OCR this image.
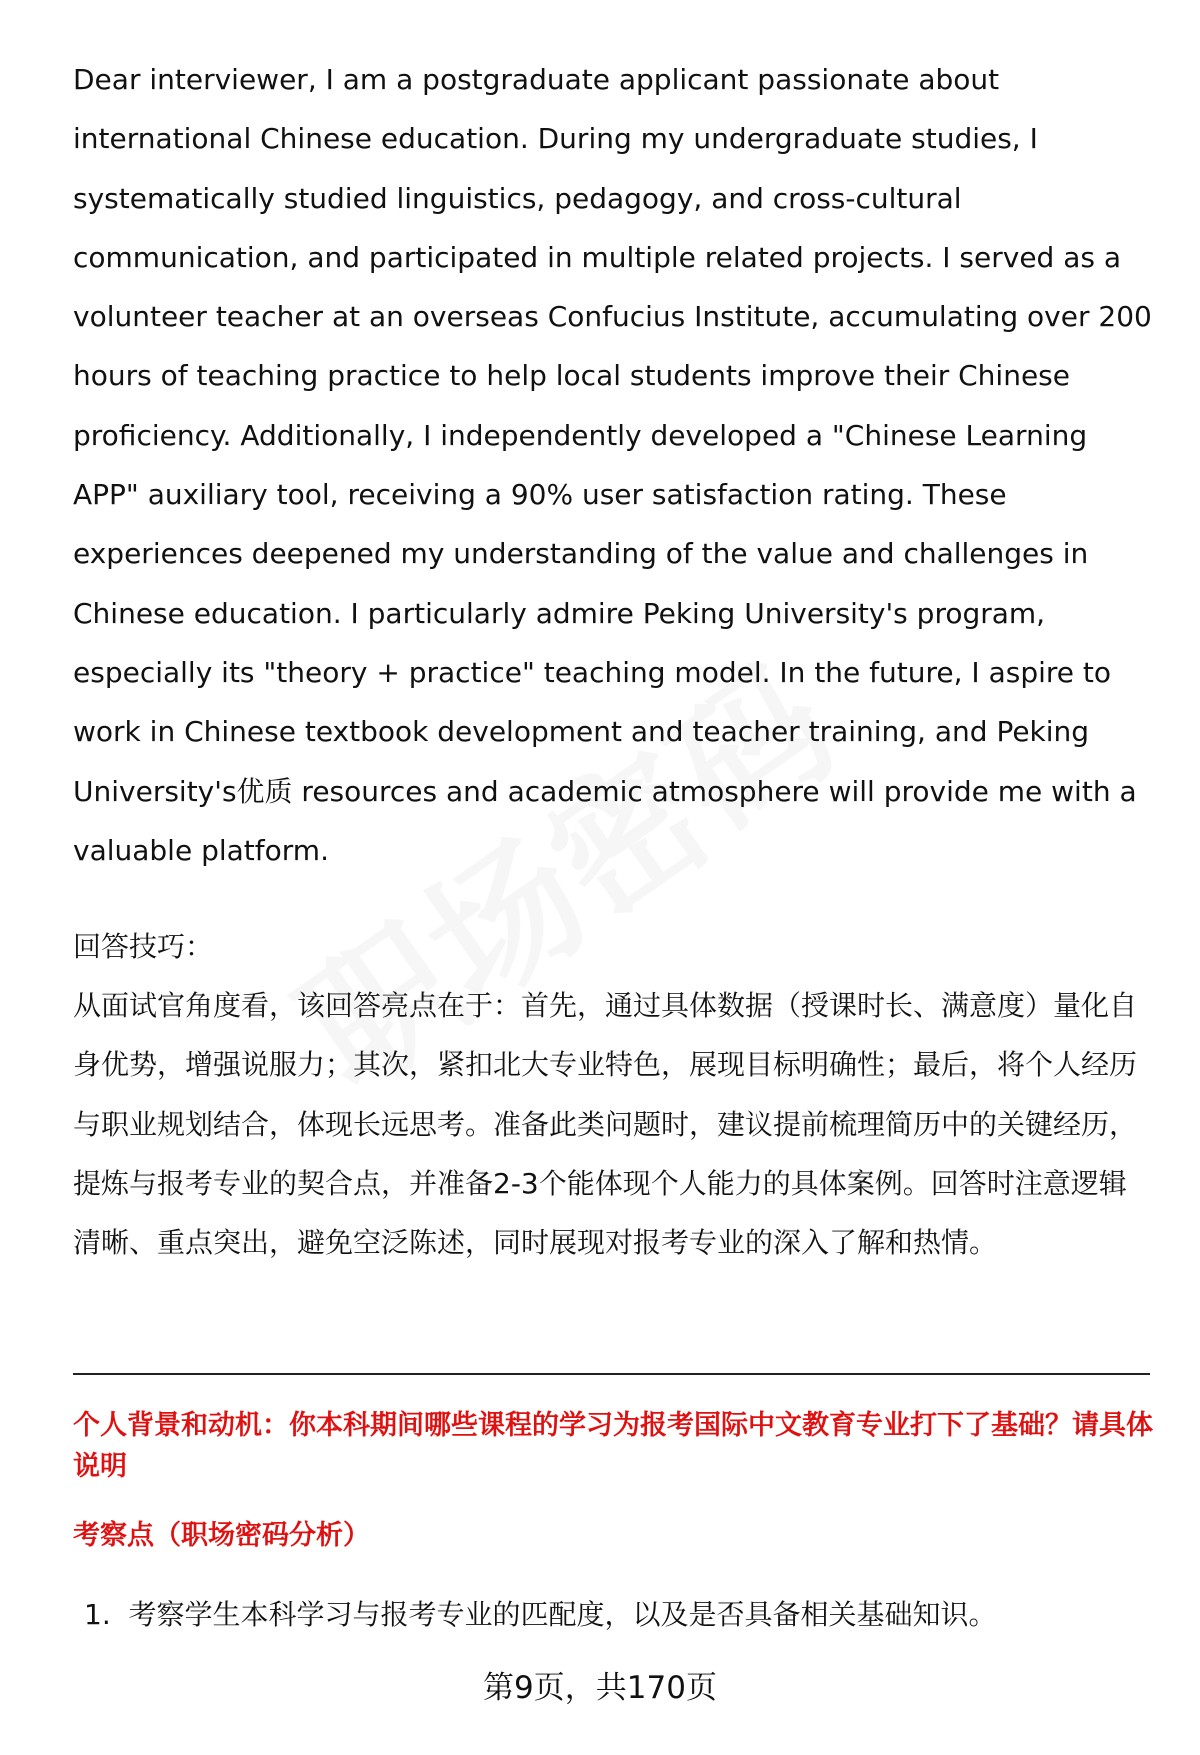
Dear interviewer, I am a postgraduate applicant passionate about international Chinese education. During my undergraduate studies, I systematically studied linguistics, pedagogy, and cross-cultural communication, and participated in multiple related projects. I served as a volunteer teacher at an overseas Confucius Institute, accumulating over 200 hours of teaching practice to help local students improve their Chinese proficiency. Additionally, I independently developed a "Chinese Learning APP" auxiliary tool, receiving a 90% user satisfaction rating. These experiences deepened my understanding of the value and challenges in Chinese education. I particularly admire Peking University's program, especially its "theory + practice" teaching model. In the future, I aspire to work in Chinese textbook development and teacher training, and Peking University's优质 resources and academic atmosphere will provide me with a valuable platform.

回答技巧：

从面试官角度看，该回答亮点在于：首先，通过具体数据（授课时长、满意度）量化自身优势，增强说服力；其次，紧扣北大专业特色，展现目标明确性；最后，将个人经历与职业规划结合，体现长远思考。准备此类问题时，建议提前梳理简历中的关键经历，提炼与报考专业的契合点，并准备2-3个能体现个人能力的具体案例。回答时注意逻辑清晰、重点突出，避免空泛陈述，同时展现对报考专业的深入了解和热情。

个人背景和动机：你本科期间哪些课程的学习为报考国际中文教育专业打下了基础？请具体说明

考察点（职场密码分析）

1. 考察学生本科学习与报考专业的匹配度，以及是否具备相关基础知识。
第9页，共170页
